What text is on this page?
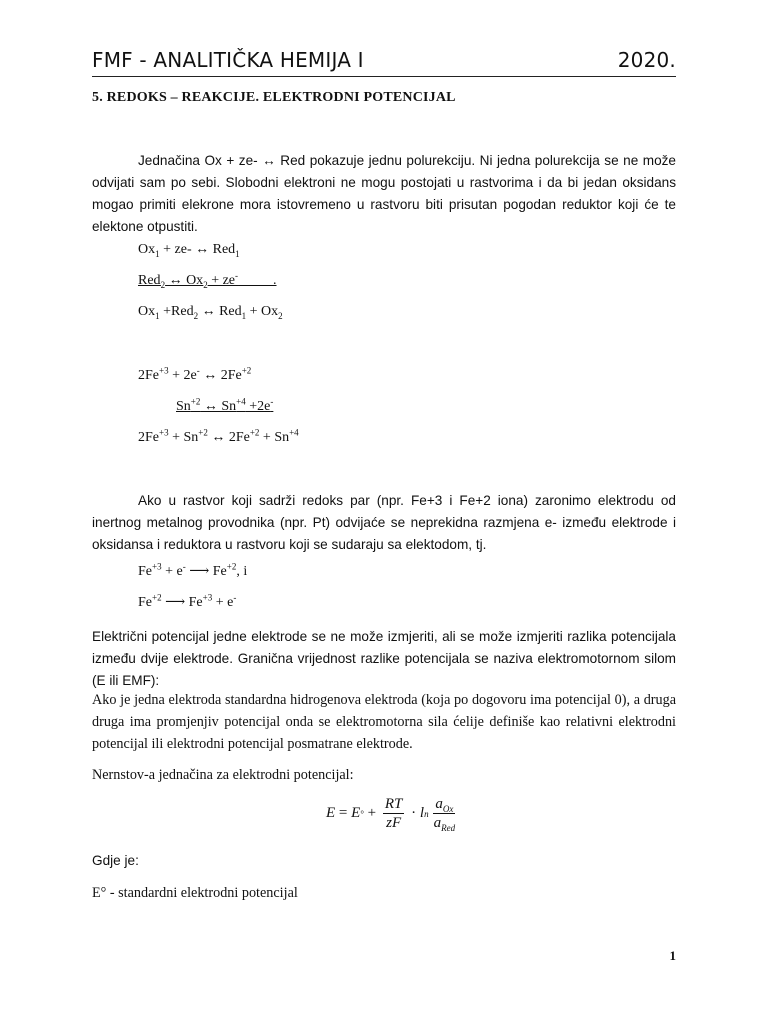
FMF - ANALITIČKA HEMIJA I	2020.
5. REDOKS – REAKCIJE. ELEKTRODNI POTENCIJAL

Jednačina Ox + ze- ↔ Red pokazuje jednu polurekciju. Ni jedna polurekcija se ne može odvijati sam po sebi. Slobodni elektroni ne mogu postojati u rastvorima i da bi jedan oksidans mogao primiti elekrone mora istovremeno u rastvoru biti prisutan pogodan reduktor koji će te elektone otpustiti.

$Ox_1 + ze-$ ↔ Red$_1$
Red$_2$ ↔ $Ox_2 + ze^-$          .
$Ox_1 +Red_2$ ↔ $Red_1 + Ox_2$
$2Fe^{+3} + 2e^-$ ↔ $2Fe^{+2}$
$Sn^{+2}$ ↔ $Sn^{+4} +2e^-$
$2Fe^{+3} + Sn^{+2}$ ↔ $2Fe^{+2} + Sn^{+4}$

Ako u rastvor koji sadrži redoks par (npr. Fe+3 i Fe+2 iona) zaronimo elektrodu od inertnog metalnog provodnika (npr. Pt) odvijaće se neprekidna razmjena e- između elektrode i oksidansa i reduktora u rastvoru koji se sudaraju sa elektodom, tj.

$Fe^{+3} + e^-$ ⟶ $Fe^{+2}$, i
$Fe^{+2}$ ⟶ $Fe^{+3} + e^-$

Električni potencijal jedne elektrode se ne može izmjeriti, ali se može izmjeriti razlika potencijala između dvije elektrode. Granična vrijednost razlike potencijala se naziva elektromotornom silom (E ili EMF):

Ako je jedna elektroda standardna hidrogenova elektroda (koja po dogovoru ima potencijal 0), a druga druga ima promjenjiv potencijal onda se elektromotorna sila ćelije definiše kao relativni elektrodni potencijal ili elektrodni potencijal posmatrane elektrode.

Nernstov-a jednačina za elektrodni potencijal:

E = E ° + $\frac{RT}{zF} \cdot l$ n $\frac{a_{Ox}}{a_{Red}}$

Gdje je:

E° - standardni elektrodni potencijal

1
